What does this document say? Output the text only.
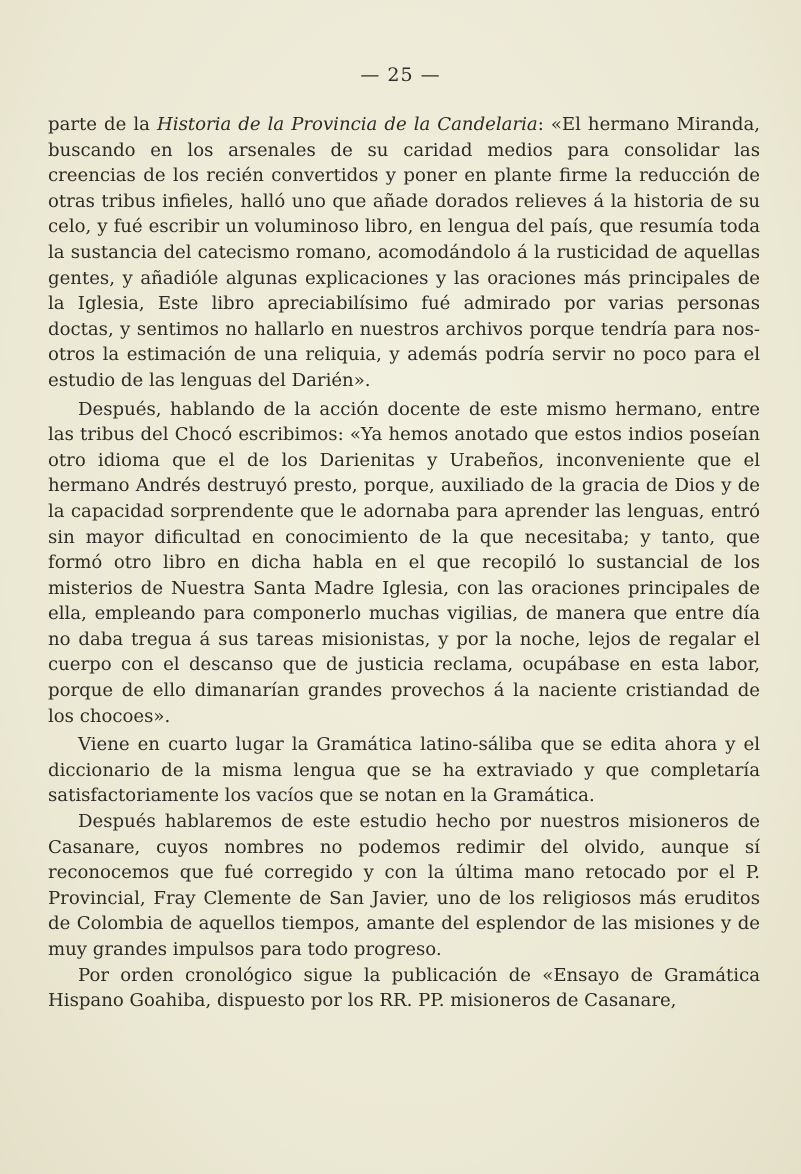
— 25 —

parte de la Historia de la Provincia de la Candelaria: «El hermano Miranda, buscando en los arsenales de su caridad medios para consolidar las creencias de los recién convertidos y poner en plante firme la reducción de otras tribus infieles, halló uno que añade dorados relieves á la historia de su celo, y fué escribir un voluminoso libro, en lengua del país, que resumía toda la sustancia del catecismo romano, acomodándolo á la rusticidad de aquellas gentes, y añadióle algunas explicaciones y las oraciones más principales de la Iglesia, Este libro apreciabilísimo fué admirado por varias personas doctas, y sentimos no hallarlo en nuestros archivos porque tendría para nosotros la estimación de una reliquia, y además podría servir no poco para el estudio de las lenguas del Darién».

Después, hablando de la acción docente de este mismo hermano, entre las tribus del Chocó escribimos: «Ya hemos anotado que estos indios poseían otro idioma que el de los Darienitas y Urabeños, inconveniente que el hermano Andrés destruyó presto, porque, auxiliado de la gracia de Dios y de la capacidad sorprendente que le adornaba para aprender las lenguas, entró sin mayor dificultad en conocimiento de la que necesitaba; y tanto, que formó otro libro en dicha habla en el que recopiló lo sustancial de los misterios de Nuestra Santa Madre Iglesia, con las oraciones principales de ella, empleando para componerlo muchas vigilias, de manera que entre día no daba tregua á sus tareas misionistas, y por la noche, lejos de regalar el cuerpo con el descanso que de justicia reclama, ocupábase en esta labor, porque de ello dimanarían grandes provechos á la naciente cristiandad de los chocoes».

Viene en cuarto lugar la Gramática latino-sáliba que se edita ahora y el diccionario de la misma lengua que se ha extraviado y que completaría satisfactoriamente los vacíos que se notan en la Gramática.

Después hablaremos de este estudio hecho por nuestros misioneros de Casanare, cuyos nombres no podemos redimir del olvido, aunque sí reconocemos que fué corregido y con la última mano retocado por el P. Provincial, Fray Clemente de San Javier, uno de los religiosos más eruditos de Colombia de aquellos tiempos, amante del esplendor de las misiones y de muy grandes impulsos para todo progreso.

Por orden cronológico sigue la publicación de «Ensayo de Gramática Hispano Goahiba, dispuesto por los RR. PP. misioneros de Casanare,
